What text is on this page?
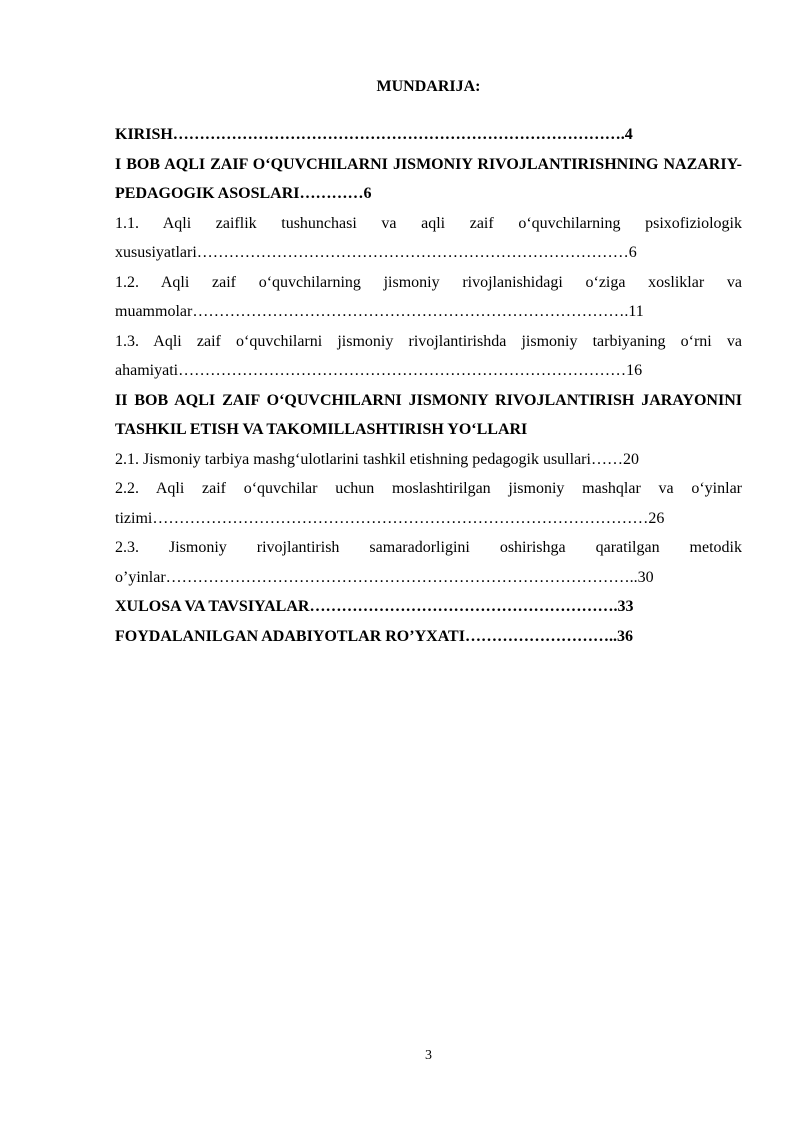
MUNDARIJA:

KIRISH………………………………………………………………………….4

I BOB AQLI ZAIF O‘QUVCHILARNI JISMONIY RIVOJLANTIRISHNING NAZARIY-PEDAGOGIK ASOSLARI…………6

1.1. Aqli zaiflik tushunchasi va aqli zaif o‘quvchilarning psixofiziologik xususiyatlari………………………………………………………………………6

1.2. Aqli zaif o‘quvchilarning jismoniy rivojlanishidagi o‘ziga xosliklar va muammolar……………………………………………………………………….11

1.3. Aqli zaif o‘quvchilarni jismoniy rivojlantirishda jismoniy tarbiyaning o‘rni va ahamiyati…………………………………………………………………………16

II BOB AQLI ZAIF O‘QUVCHILARNI JISMONIY RIVOJLANTIRISH JARAYONINI TASHKIL ETISH VA TAKOMILLASHTIRISH YO‘LLARI

2.1. Jismoniy tarbiya mashg‘ulotlarini tashkil etishning pedagogik usullari……20

2.2. Aqli zaif o‘quvchilar uchun moslashtirilgan jismoniy mashqlar va o‘yinlar tizimi…………………………………………………………………………………26

2.3. Jismoniy rivojlantirish samaradorligini oshirishga qaratilgan metodik o’yinlar……………………………………………………………………………..30

XULOSA VA TAVSIYALAR………………………………………………….33

FOYDALANILGAN ADABIYOTLAR RO’YXATI………………………..36

3
